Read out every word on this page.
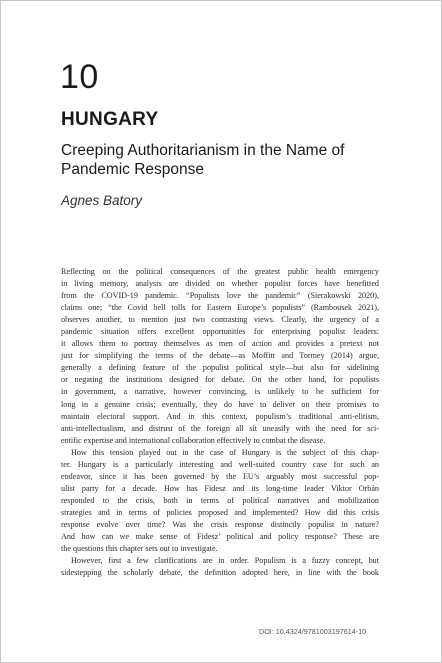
10
HUNGARY
Creeping Authoritarianism in the Name of
Pandemic Response
Agnes Batory
Reflecting on the political consequences of the greatest public health emergency
in living memory, analysts are divided on whether populist forces have benefitted
from the COVID-19 pandemic. “Populists love the pandemic” (Sierakowski 2020),
claims one; “the Covid bell tolls for Eastern Europe’s populists” (Rambousek 2021),
observes another, to mention just two contrasting views. Clearly, the urgency of a
pandemic situation offers excellent opportunities for enterprising populist leaders:
it allows them to portray themselves as men of action and provides a pretext not
just for simplifying the terms of the debate—as Moffitt and Tormey (2014) argue,
generally a defining feature of the populist political style—but also for sidelining
or negating the institutions designed for debate. On the other hand, for populists
in government, a narrative, however convincing, is unlikely to be sufficient for
long in a genuine crisis; eventually, they do have to deliver on their promises to
maintain electoral support. And in this context, populism’s traditional anti-elitism,
anti-intellectualism, and distrust of the foreign all sit uneasily with the need for sci-
entific expertise and international collaboration effectively to combat the disease.
How this tension played out in the case of Hungary is the subject of this chap-
ter. Hungary is a particularly interesting and well-suited country case for such an
endeavor, since it has been governed by the EU’s arguably most successful pop-
ulist party for a decade. How has Fidesz and its long-time leader Viktor Orbán
responded to the crisis, both in terms of political narratives and mobilization
strategies and in terms of policies proposed and implemented? How did this crisis
response evolve over time? Was the crisis response distinctly populist in nature?
And how can we make sense of Fidesz’ political and policy response? These are
the questions this chapter sets out to investigate.
However, first a few clarifications are in order. Populism is a fuzzy concept, but
sidestepping the scholarly debate, the definition adopted here, in line with the book
DOI: 10.4324/9781003197614-10
